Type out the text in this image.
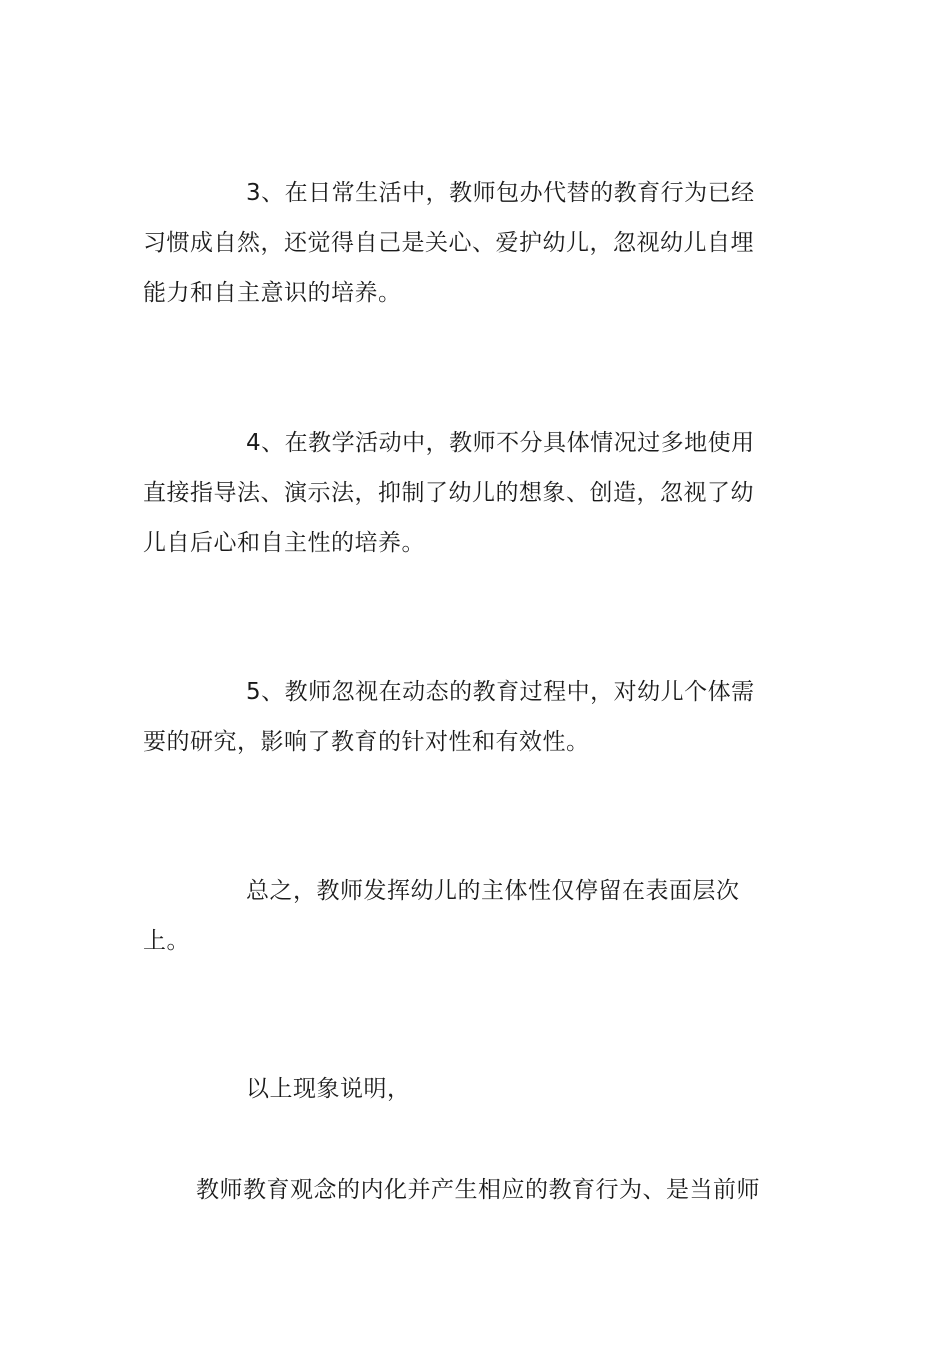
3、在日常生活中，教师包办代替的教育行为已经
习惯成自然，还觉得自己是关心、爱护幼儿，忽视幼儿自埋
能力和自主意识的培养。
4、在教学活动中，教师不分具体情况过多地使用
直接指导法、演示法，抑制了幼儿的想象、创造，忽视了幼
儿自后心和自主性的培养。
5、教师忽视在动态的教育过程中，对幼儿个体需
要的研究，影响了教育的针对性和有效性。
总之，教师发挥幼儿的主体性仅停留在表面层次
上。
以上现象说明，
教师教育观念的内化并产生相应的教育行为、是当前师
